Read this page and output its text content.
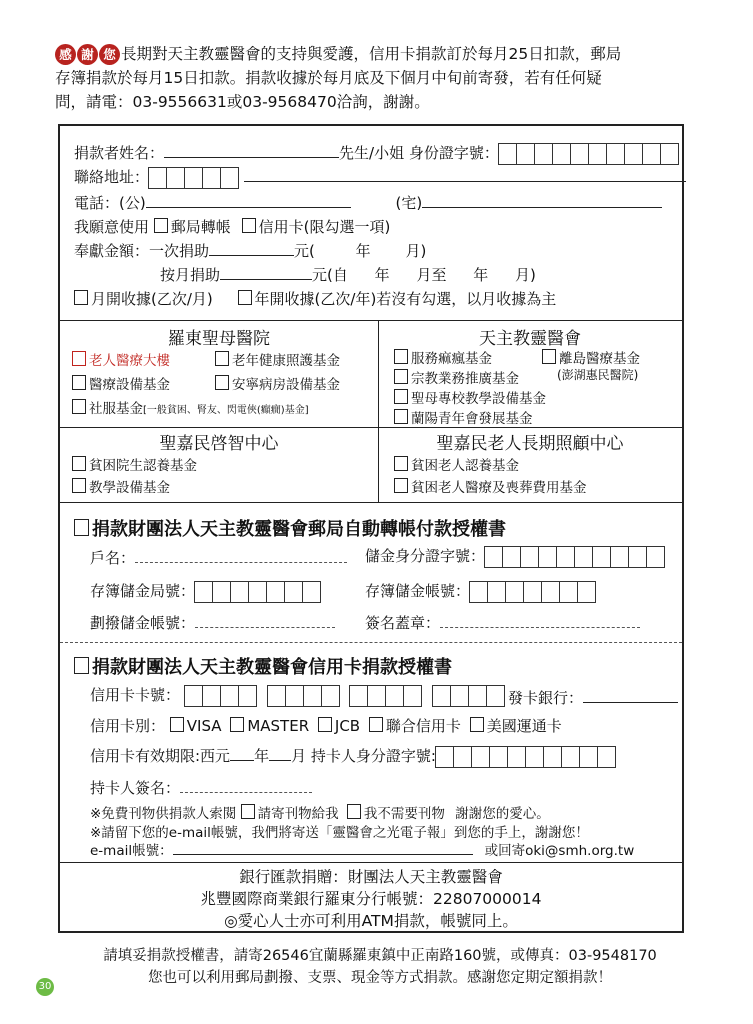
感 謝 您 長期對天主教靈醫會的支持與愛護，信用卡捐款訂於每月25日扣款，郵局
存簿捐款於每月15日扣款。捐款收據於每月底及下個月中旬前寄發，若有任何疑
問，請電：03-9556631或03-9568470洽詢，謝謝。
捐款者姓名：	先生/小姐 身份證字號：
聯絡地址：

電話：(公)	(宅)
我願意使用 郵局轉帳 信用卡(限勾選一項)
奉獻金額：一次捐助	元(	年 月)
按月捐助	元(自 年 月至 年 月)
月開收據(乙次/月)	年開收據(乙次/年)若沒有勾選，以月收據為主
羅東聖母醫院
老人醫療大樓	老年健康照護基金
醫療設備基金	安寧病房設備基金
社服基金[一般貧困、腎友、閃電俠(癲癇)基金]
天主教靈醫會
服務痲瘋基金	離島醫療基金
(澎湖惠民醫院)
宗教業務推廣基金
聖母專校教學設備基金
蘭陽青年會發展基金
聖嘉民啓智中心
貧困院生認養基金
教學設備基金
聖嘉民老人長期照顧中心
貧困老人認養基金
貧困老人醫療及喪葬費用基金
捐款財團法人天主教靈醫會郵局自動轉帳付款授權書
戶名：	儲金身分證字號：
存簿儲金局號：	存簿儲金帳號：
劃撥儲金帳號：	簽名蓋章：
捐款財團法人天主教靈醫會信用卡捐款授權書
信用卡卡號：

	發卡銀行：
信用卡別： VISA MASTER JCB 聯合信用卡 美國運通卡
信用卡有效期限:西元 年 月 持卡人身分證字號:
持卡人簽名：
※免費刊物供捐款人索閱 請寄刊物給我 我不需要刊物 謝謝您的愛心。
※請留下您的e-mail帳號，我們將寄送「靈醫會之光電子報」到您的手上，謝謝您！
e-mail帳號：	或回寄oki@smh.org.tw
銀行匯款捐贈：財團法人天主教靈醫會
兆豐國際商業銀行羅東分行帳號：22807000014
◎愛心人士亦可利用ATM捐款，帳號同上。
請填妥捐款授權書，請寄26546宜蘭縣羅東鎮中正南路160號，或傳真：03-9548170
您也可以利用郵局劃撥、支票、現金等方式捐款。感謝您定期定額捐款！
30
